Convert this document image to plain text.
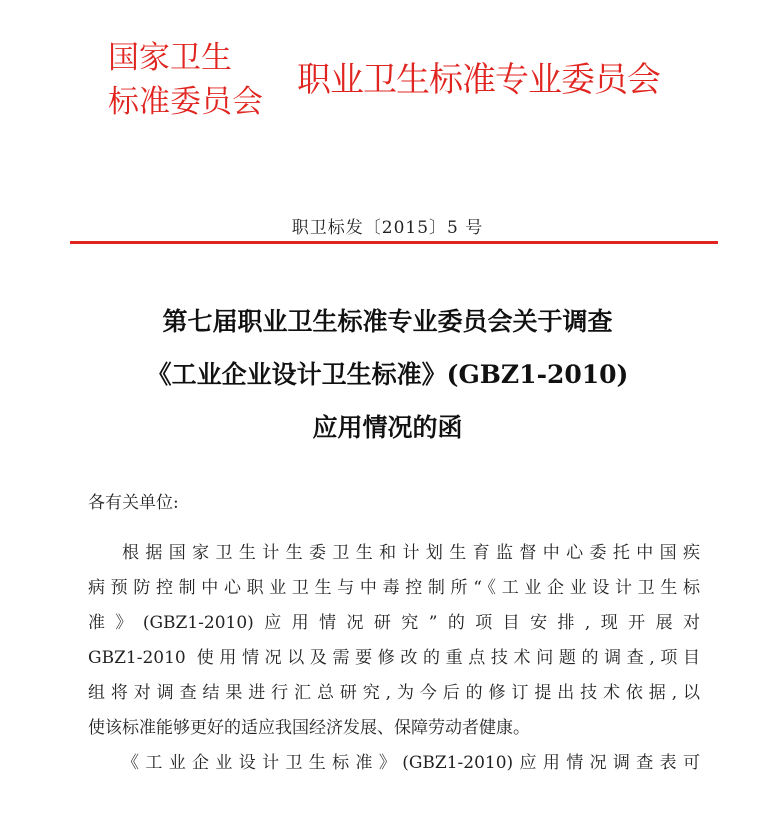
国家卫生
标准委员会
职业卫生标准专业委员会
职卫标发〔2015〕5 号
第七届职业卫生标准专业委员会关于调查
《工业企业设计卫生标准》(GBZ1-2010)
应用情况的函
各有关单位:
根据国家卫生计生委卫生和计划生育监督中心委托中国疾
病预防控制中心职业卫生与中毒控制所“《工业企业设计卫生标
准》(GBZ1-2010)应用情况研究”的项目安排,现开展对
GBZ1-2010 使用情况以及需要修改的重点技术问题的调查,项目
组将对调查结果进行汇总研究,为今后的修订提出技术依据,以
使该标准能够更好的适应我国经济发展、保障劳动者健康。
《工业企业设计卫生标准》(GBZ1-2010)应用情况调查表可
